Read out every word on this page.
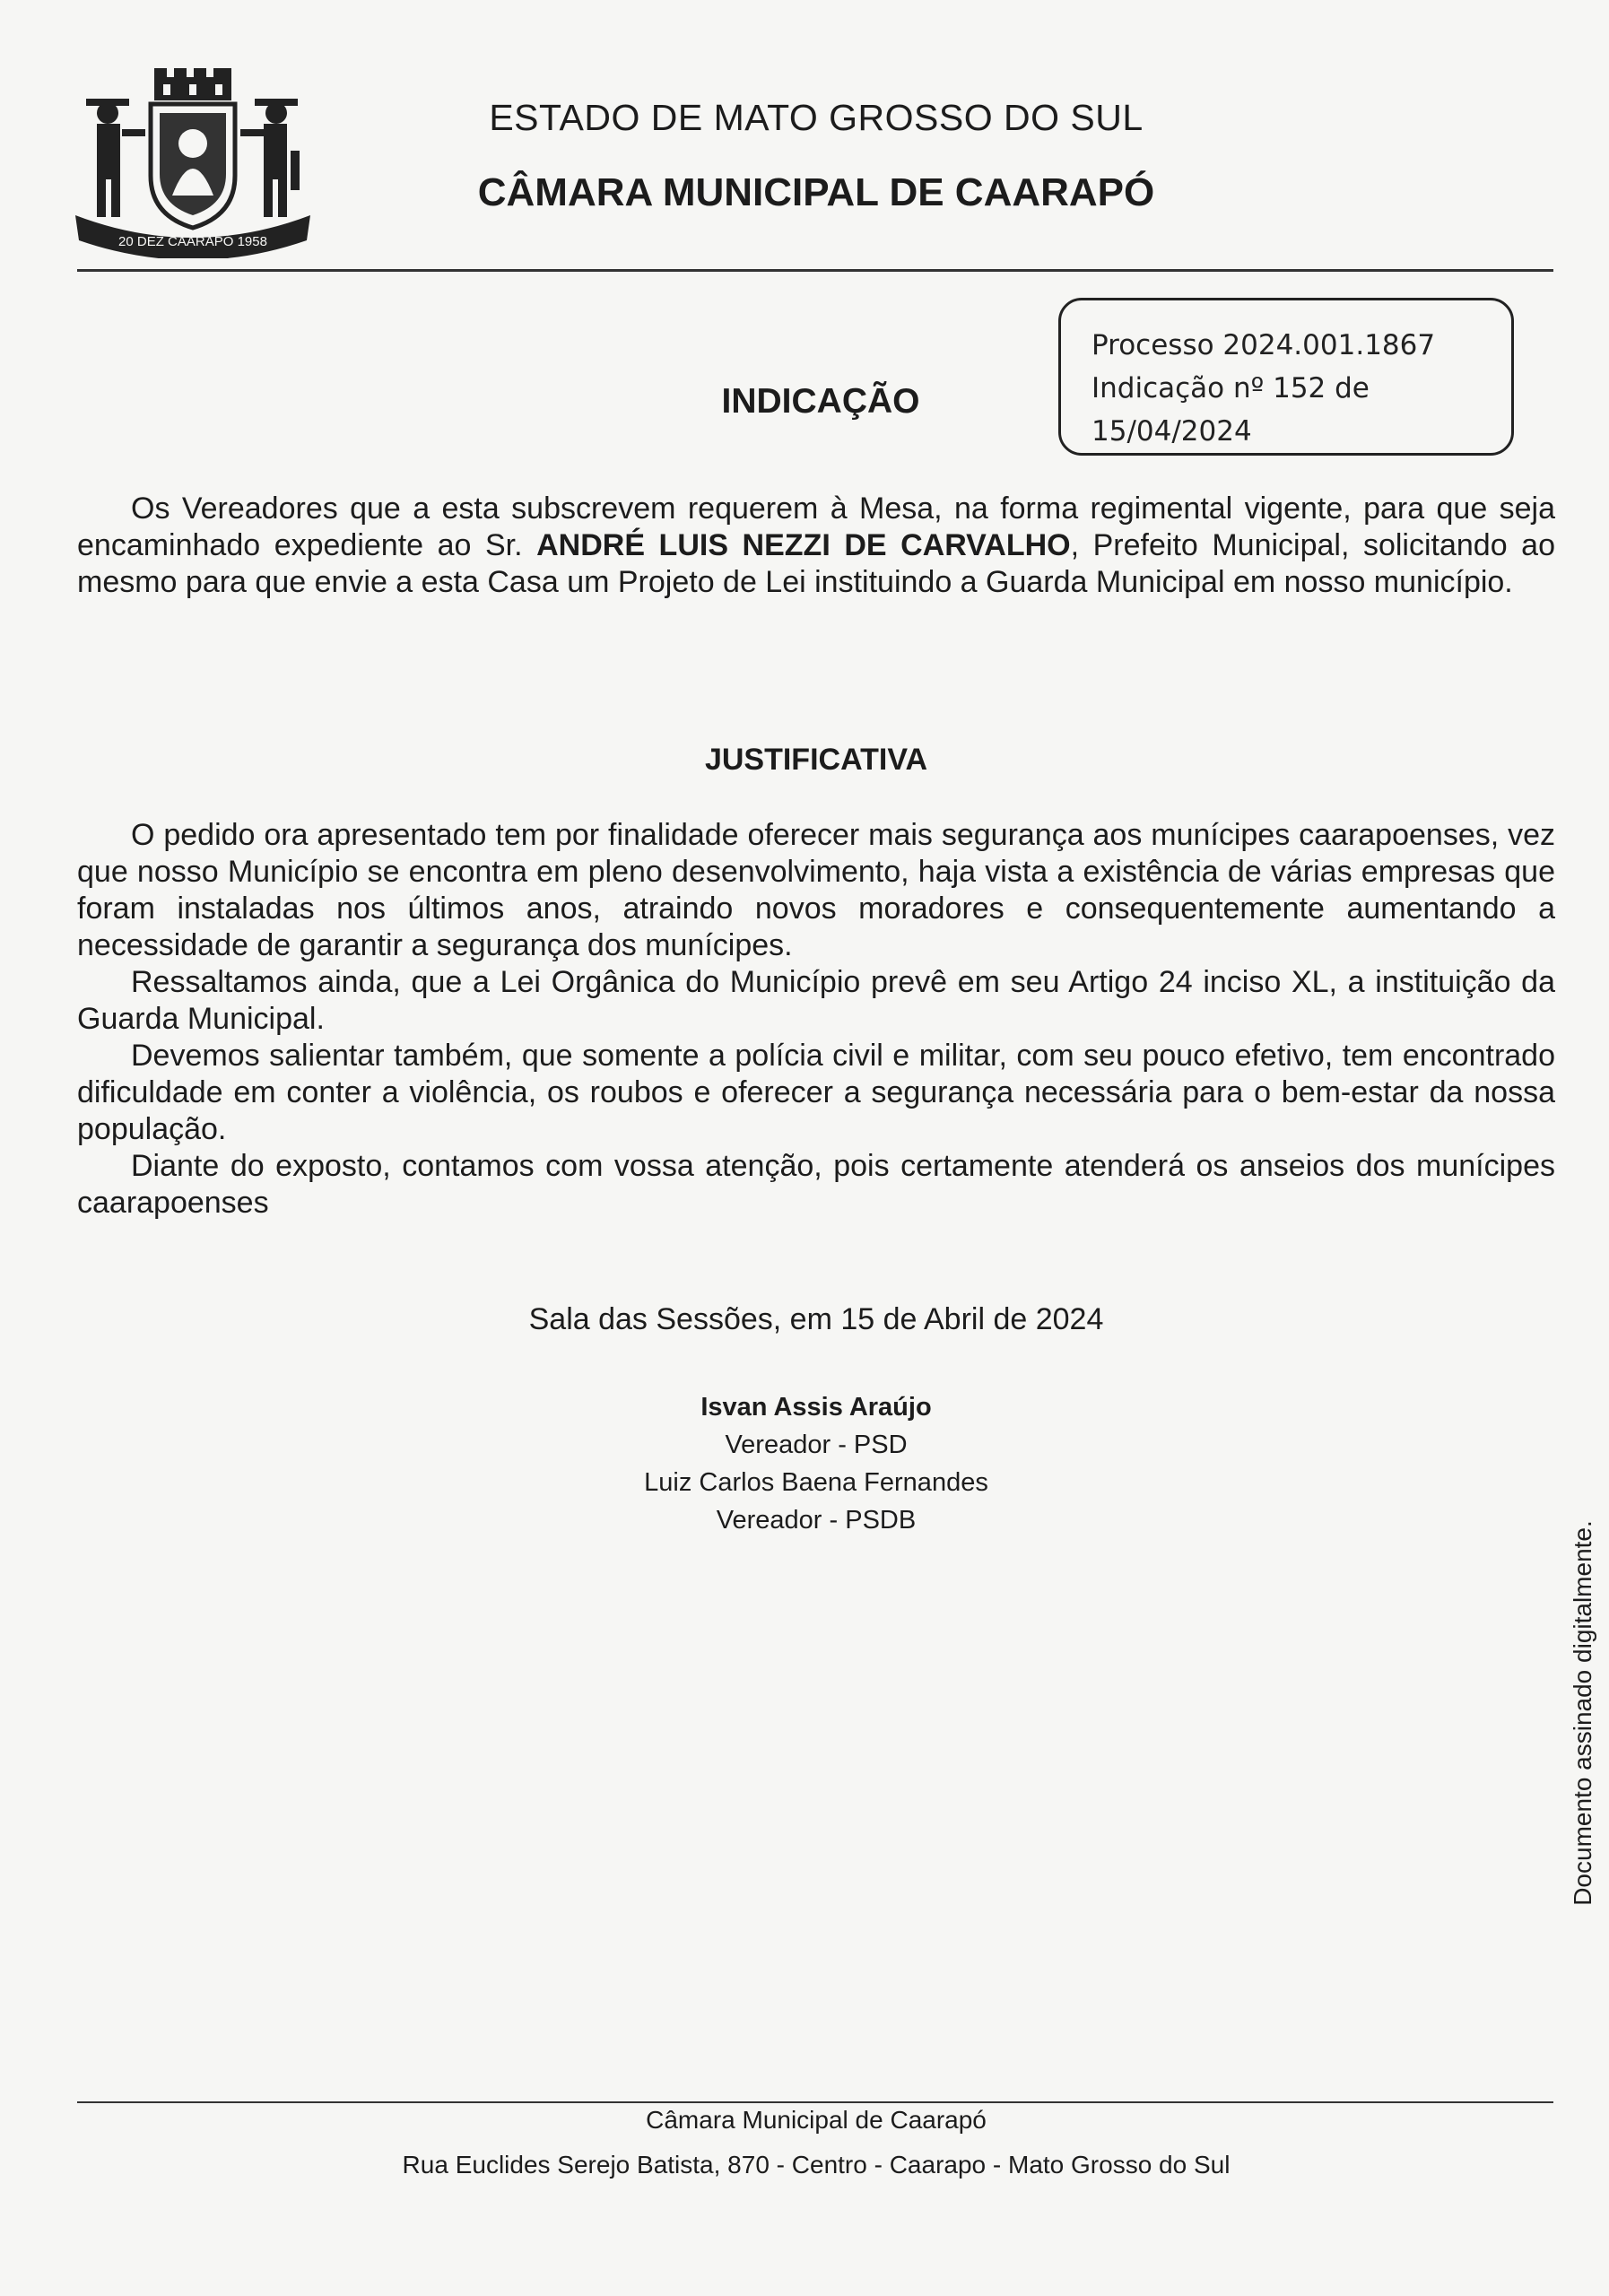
20 DEZ CAARAPÓ 1958
ESTADO DE MATO GROSSO DO SUL
CÂMARA MUNICIPAL DE CAARAPÓ
Processo 2024.001.1867
Indicação nº 152 de
15/04/2024
INDICAÇÃO

Os Vereadores que a esta subscrevem requerem à Mesa, na forma regimental vigente, para que seja encaminhado expediente ao Sr. ANDRÉ LUIS NEZZI DE CARVALHO, Prefeito Municipal, solicitando ao mesmo para que envie a esta Casa um Projeto de Lei instituindo a Guarda Municipal em nosso município.

JUSTIFICATIVA

O pedido ora apresentado tem por finalidade oferecer mais segurança aos munícipes caarapoenses, vez que nosso Município se encontra em pleno desenvolvimento, haja vista a existência de várias empresas que foram instaladas nos últimos anos, atraindo novos moradores e consequentemente aumentando a necessidade de garantir a segurança dos munícipes.

Ressaltamos ainda, que a Lei Orgânica do Município prevê em seu Artigo 24 inciso XL, a instituição da Guarda Municipal.

Devemos salientar também, que somente a polícia civil e militar, com seu pouco efetivo, tem encontrado dificuldade em conter a violência, os roubos e oferecer a segurança necessária para o bem-estar da nossa população.

Diante do exposto, contamos com vossa atenção, pois certamente atenderá os anseios dos munícipes caarapoenses

Sala das Sessões, em 15 de Abril de 2024
Isvan Assis Araújo
Vereador - PSD
Luiz Carlos Baena Fernandes
Vereador - PSDB
Documento assinado digitalmente.
Câmara Municipal de Caarapó
Rua Euclides Serejo Batista, 870 - Centro - Caarapo - Mato Grosso do Sul
